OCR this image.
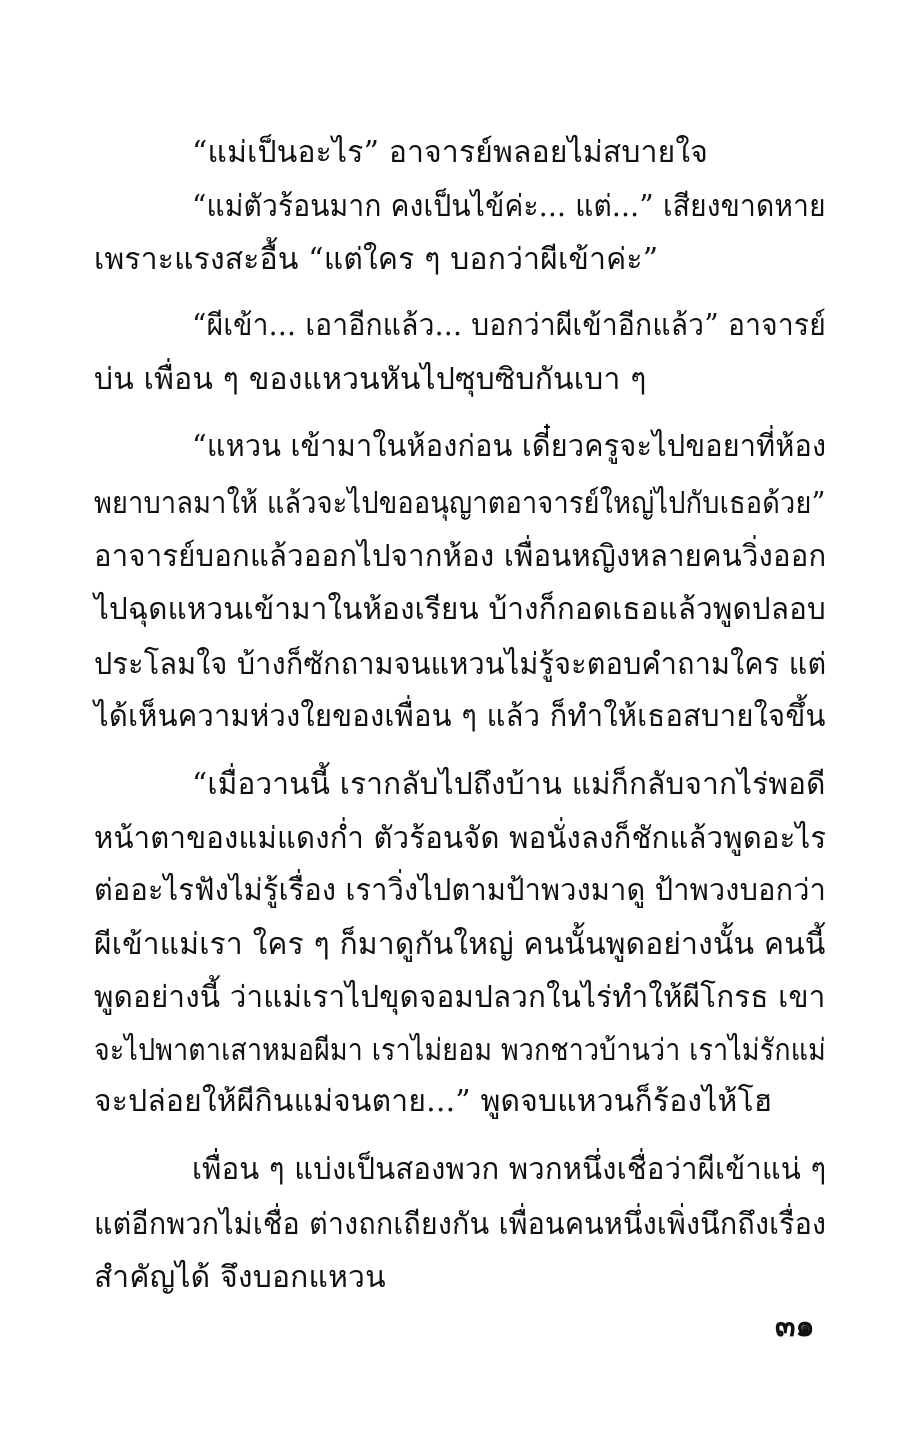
“แม่เป็นอะไร” อาจารย์พลอยไม่สบายใจ
“แม่ตัวร้อนมาก คงเป็นไข้ค่ะ... แต่...” เสียงขาดหาย
เพราะแรงสะอื้น “แต่ใคร ๆ บอกว่าผีเข้าค่ะ”
“ผีเข้า... เอาอีกแล้ว... บอกว่าผีเข้าอีกแล้ว” อาจารย์
บ่น เพื่อน ๆ ของแหวนหันไปซุบซิบกันเบา ๆ
“แหวน เข้ามาในห้องก่อน เดี๋ยวครูจะไปขอยาที่ห้อง
พยาบาลมาให้ แล้วจะไปขออนุญาตอาจารย์ใหญ่ไปกับเธอด้วย”
อาจารย์บอกแล้วออกไปจากห้อง เพื่อนหญิงหลายคนวิ่งออก
ไปฉุดแหวนเข้ามาในห้องเรียน บ้างก็กอดเธอแล้วพูดปลอบ
ประโลมใจ บ้างก็ซักถามจนแหวนไม่รู้จะตอบคำถามใคร แต่
ได้เห็นความห่วงใยของเพื่อน ๆ แล้ว ก็ทำให้เธอสบายใจขึ้น
“เมื่อวานนี้ เรากลับไปถึงบ้าน แม่ก็กลับจากไร่พอดี
หน้าตาของแม่แดงก่ำ ตัวร้อนจัด พอนั่งลงก็ชักแล้วพูดอะไร
ต่ออะไรฟังไม่รู้เรื่อง เราวิ่งไปตามป้าพวงมาดู ป้าพวงบอกว่า
ผีเข้าแม่เรา ใคร ๆ ก็มาดูกันใหญ่ คนนั้นพูดอย่างนั้น คนนี้
พูดอย่างนี้ ว่าแม่เราไปขุดจอมปลวกในไร่ทำให้ผีโกรธ เขา
จะไปพาตาเสาหมอผีมา เราไม่ยอม พวกชาวบ้านว่า เราไม่รักแม่
จะปล่อยให้ผีกินแม่จนตาย...” พูดจบแหวนก็ร้องไห้โฮ
เพื่อน ๆ แบ่งเป็นสองพวก พวกหนึ่งเชื่อว่าผีเข้าแน่ ๆ
แต่อีกพวกไม่เชื่อ ต่างถกเถียงกัน เพื่อนคนหนึ่งเพิ่งนึกถึงเรื่อง
สำคัญได้ จึงบอกแหวน
๓๑
